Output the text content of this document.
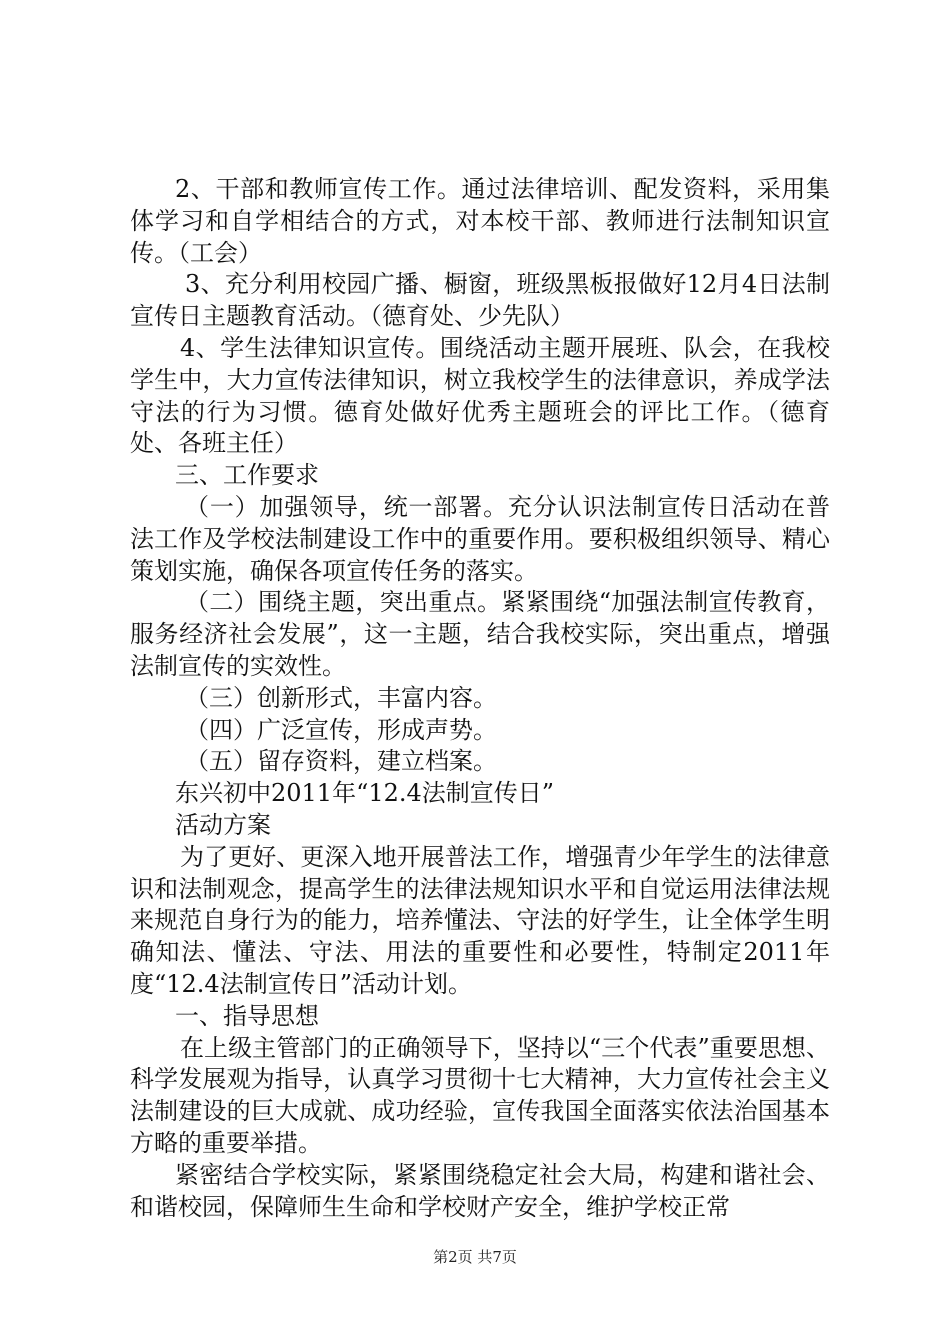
2、干部和教师宣传工作。通过法律培训、配发资料，采用集体学习和自学相结合的方式，对本校干部、教师进行法制知识宣传。（工会）

3、充分利用校园广播、橱窗，班级黑板报做好12月4日法制宣传日主题教育活动。（德育处、少先队）

4、学生法律知识宣传。围绕活动主题开展班、队会，在我校学生中，大力宣传法律知识，树立我校学生的法律意识，养成学法守法的行为习惯。德育处做好优秀主题班会的评比工作。（德育处、各班主任）

三、工作要求

（一）加强领导，统一部署。充分认识法制宣传日活动在普法工作及学校法制建设工作中的重要作用。要积极组织领导、精心策划实施，确保各项宣传任务的落实。

（二）围绕主题，突出重点。紧紧围绕“加强法制宣传教育，服务经济社会发展”，这一主题，结合我校实际，突出重点，增强法制宣传的实效性。

（三）创新形式，丰富内容。

（四）广泛宣传，形成声势。

（五）留存资料，建立档案。

东兴初中2011年“12.4法制宣传日”

活动方案

为了更好、更深入地开展普法工作，增强青少年学生的法律意识和法制观念，提高学生的法律法规知识水平和自觉运用法律法规来规范自身行为的能力，培养懂法、守法的好学生，让全体学生明确知法、懂法、守法、用法的重要性和必要性，特制定2011年度“12.4法制宣传日”活动计划。

一、指导思想

在上级主管部门的正确领导下，坚持以“三个代表”重要思想、科学发展观为指导，认真学习贯彻十七大精神，大力宣传社会主义法制建设的巨大成就、成功经验，宣传我国全面落实依法治国基本方略的重要举措。

紧密结合学校实际，紧紧围绕稳定社会大局，构建和谐社会、和谐校园，保障师生生命和学校财产安全，维护学校正常

第2页 共7页
